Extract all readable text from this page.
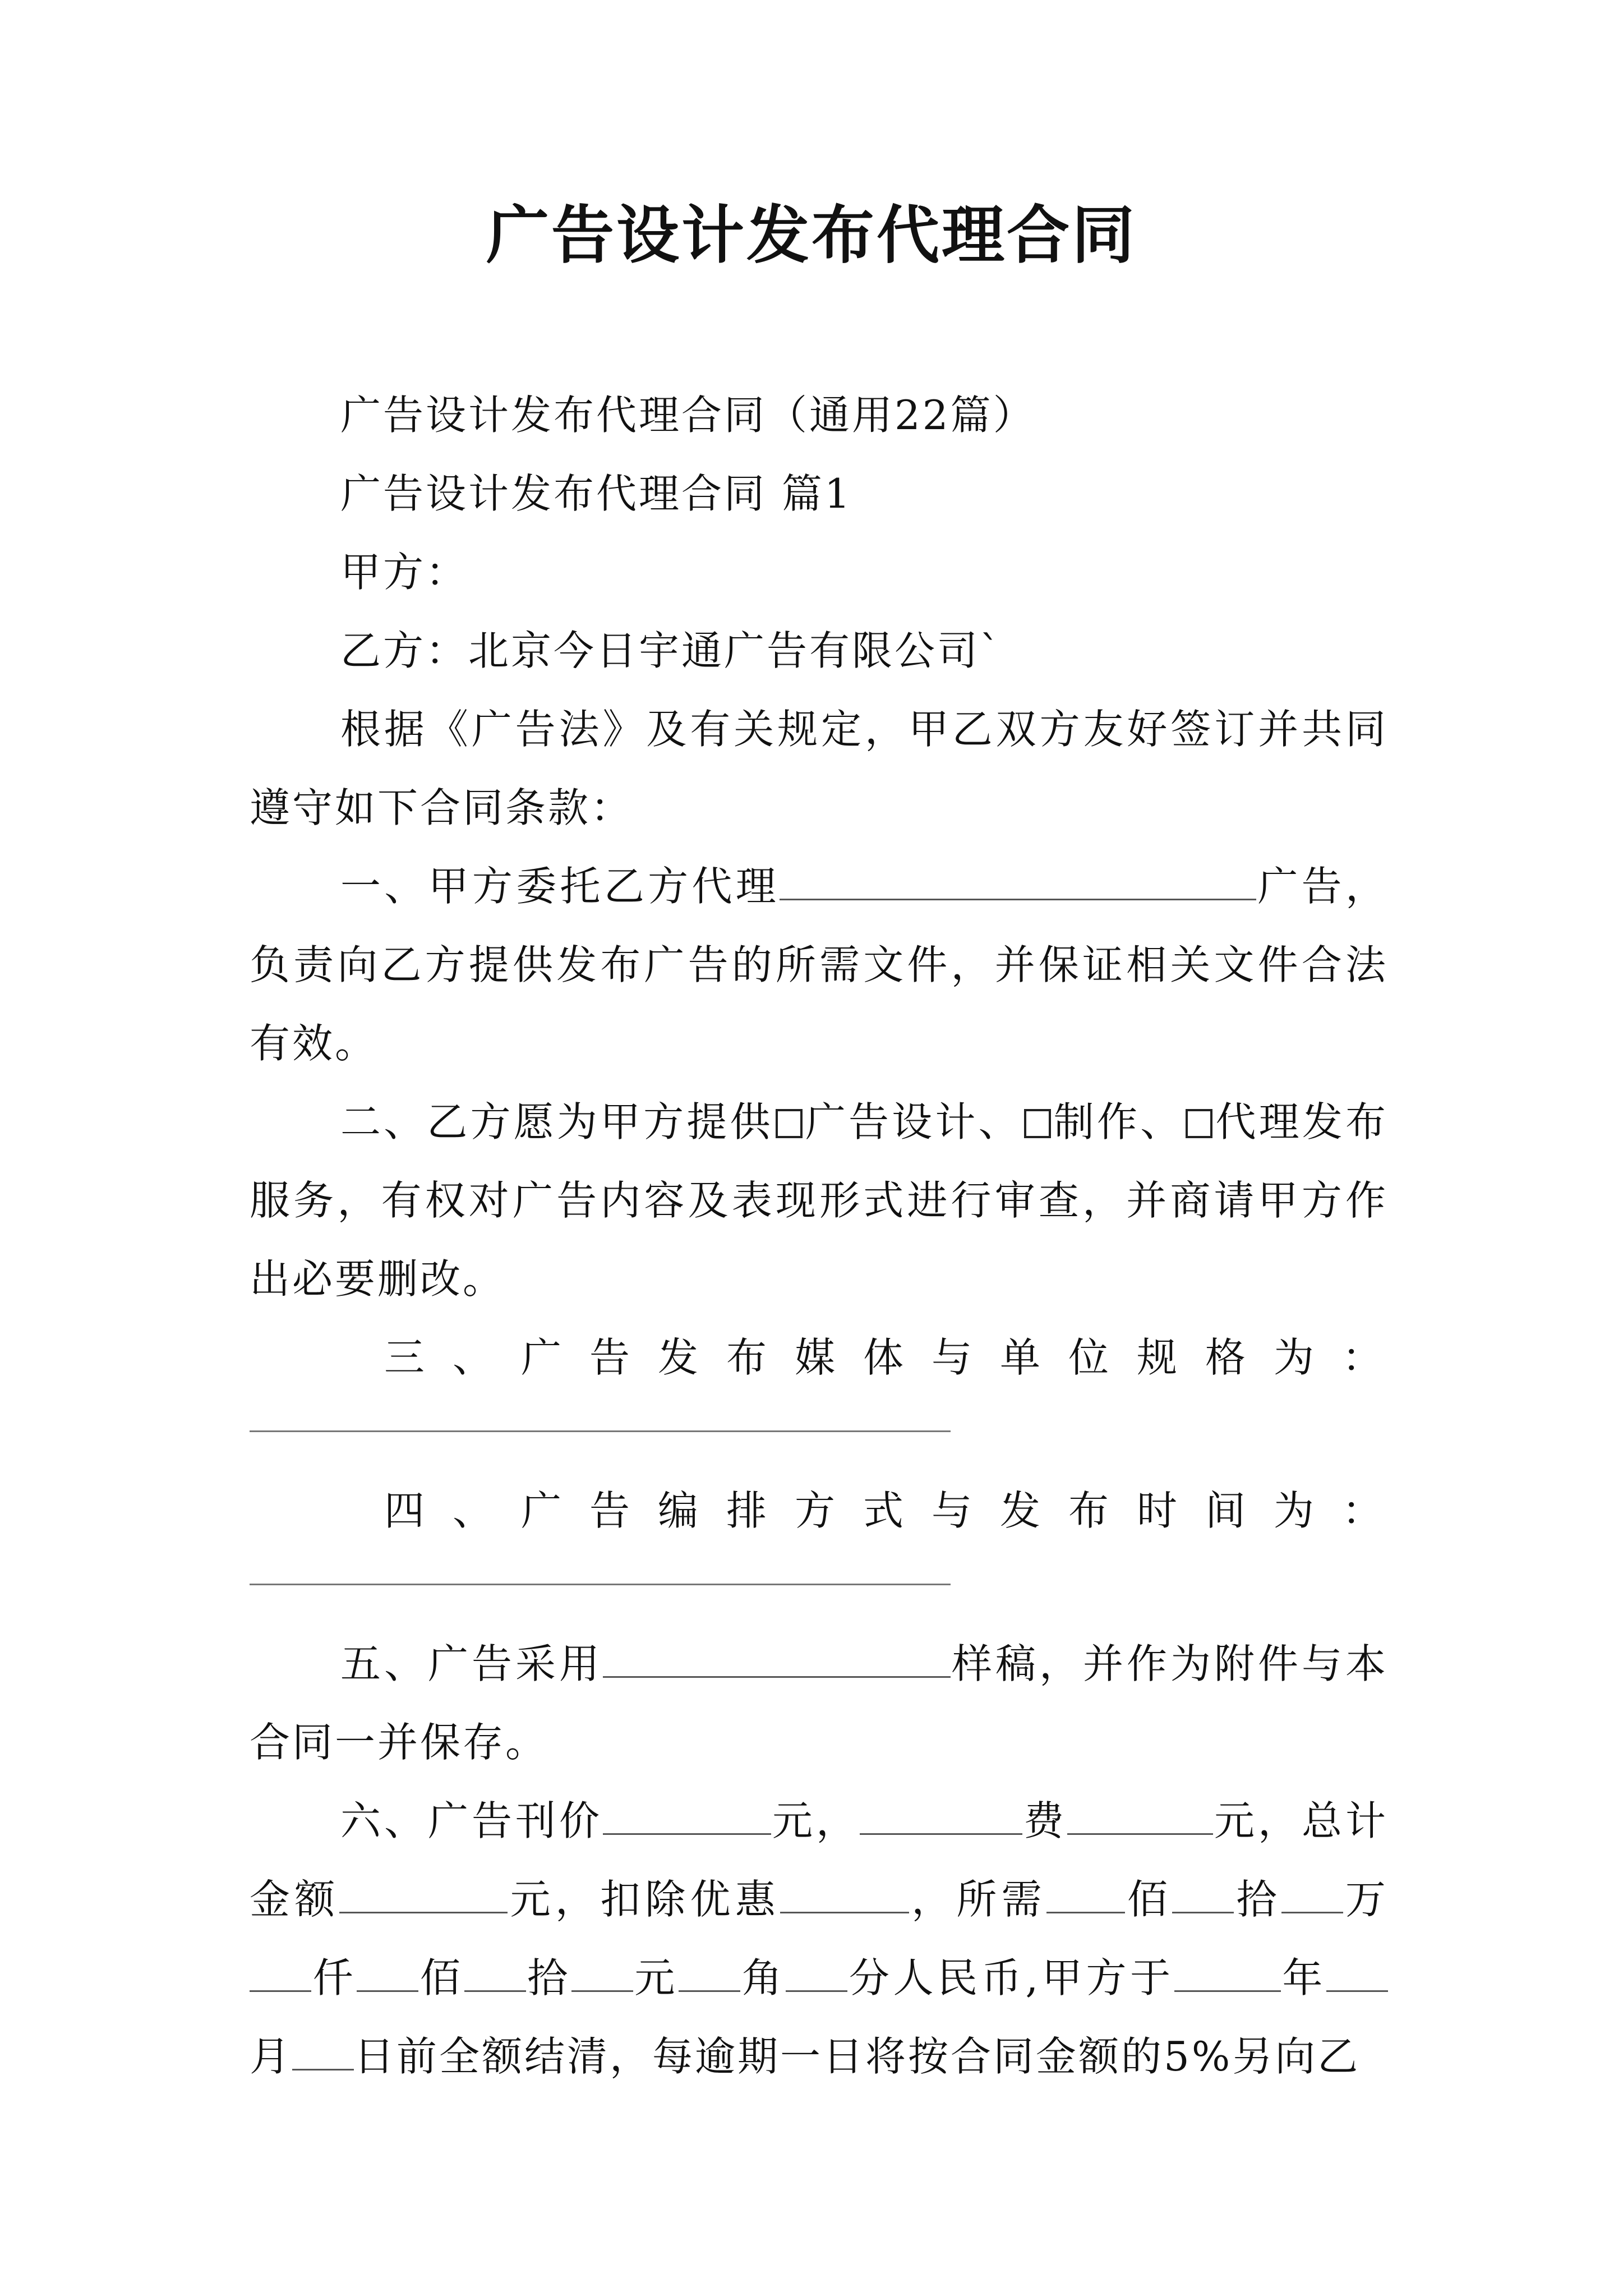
广告设计发布代理合同

广告设计发布代理合同（通用22篇）

广告设计发布代理合同 篇1

甲方：

乙方：北京今日宇通广告有限公司`

根据《广告法》及有关规定，甲乙双方友好签订并共同遵守如下合同条款：

一、甲方委托乙方代理	广告，负责向乙方提供发布广告的所需文件，并保证相关文件合法有效。

二、乙方愿为甲方提供 广告设计、 制作、 代理发布服务，有权对广告内容及表现形式进行审查，并商请甲方作出必要删改。

三、广告发布媒体与单位规格为：

四、广告编排方式与发布时间为：

五、广告采用	样稿，并作为附件与本合同一并保存。

六、广告刊价	元，	费	元，总计金额	元，扣除优惠	，所需 佰 拾 万仟 佰 拾 元 角 分人民币,甲方于	年月 日前全额结清，每逾期一日将按合同金额的5%另向乙
